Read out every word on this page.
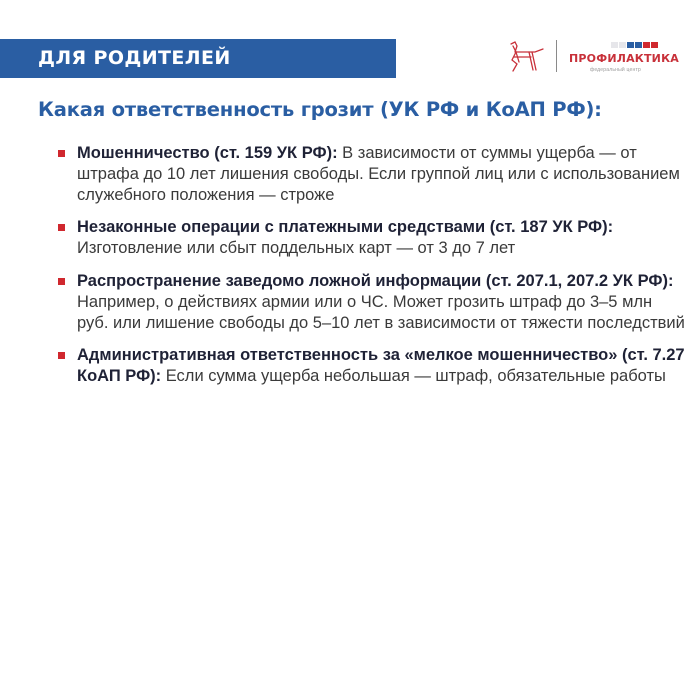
ДЛЯ РОДИТЕЛЕЙ	ПРОФИЛАКТИКА
федеральный центр
Какая ответственность грозит (УК РФ и КоАП РФ):
Мошенничество (ст. 159 УК РФ): В зависимости от суммы ущерба — от штрафа до 10 лет лишения свободы. Если группой лиц или с использованием служебного положения — строже
Незаконные операции с платежными средствами (ст. 187 УК РФ): Изготовление или сбыт поддельных карт — от 3 до 7 лет
Распространение заведомо ложной информации (ст. 207.1, 207.2 УК РФ): Например, о действиях армии или о ЧС. Может грозить штраф до 3–5 млн руб. или лишение свободы до 5–10 лет в зависимости от тяжести последствий
Административная ответственность за «мелкое мошенничество» (ст. 7.27 КоАП РФ): Если сумма ущерба небольшая — штраф, обязательные работы
